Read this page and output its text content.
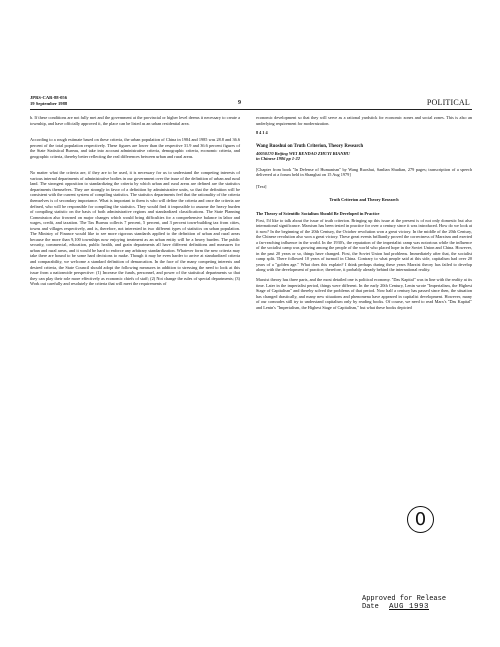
JPRS-CAR-88-056
19 September 1988	9	POLITICAL

b. If these conditions are not fully met and the government at the provincial or higher level deems it necessary to create a township, and have officially approved it, the place can be listed as an urban residential area.

According to a rough estimate based on these criteria, the urban population of China in 1984 and 1985 was 28.8 and 36.6 percent of the total population respectively. These figures are lower than the respective 31.9 and 36.6 percent figures of the State Statistical Bureau, and take into account administrative criteria, demographic criteria, economic criteria, and geographic criteria, thereby better reflecting the real differences between urban and rural areas.

No matter what the criteria are, if they are to be used, it is necessary for us to understand the competing interests of various internal departments of administrative bodies in our government over the issue of the definition of urban and rural land. The strongest opposition to standardizing the criteria by which urban and rural areas are defined are the statistics departments themselves. They are strongly in favor of a definition by administrative units, so that the definition will be consistent with the current system of compiling statistics. The statistics departments feel that the rationality of the criteria themselves is of secondary importance. What is important to them is who will define the criteria and once the criteria are defined, who will be responsible for compiling the statistics. They would find it impossible to assume the heavy burden of compiling statistic on the basis of both administrative regions and standardized classifications. The State Planning Commission also frowned on major changes which would bring difficulties for a comprehensive balance in labor and wages, credit, and taxation. The Tax Bureau collects 7 percent, 5 percent, and 3 percent town-building tax from cities, towns and villages respectively, and is, therefore, not interested in two different types of statistics on urban population. The Ministry of Finance would like to see more rigorous standards applied to the definition of urban and rural areas because the more than 9,100 townships now enjoying treatment as an urban entity will be a heavy burden. The public security, commercial, education, public health, and grain departments all have different definitions and measures for urban and rural areas, and it would be hard to enforce any arbitrary standardization. Whatever form the new criteria may take there are bound to be some hard decisions to make. Though it may be even harder to arrive at standardized criteria and comparability, we welcome a standard definition of demarcation. In the face of the many competing interests and desired criteria, the State Council should adopt the following measures in addition to stressing the need to look at this issue from a nationwide perspective: (1) Increase the funds, personnel, and power of the statistical departments so that they can play their role more effectively as economic chiefs of staff; (2) Not change the rules of special departments; (3) Work out carefully and resolutely the criteria that will meet the requirements of

economic development so that they will serve as a rational yardstick for economic zones and social zones. This is also an underlying requirement for modernization.

8414

Wang Ruoshui on Truth Criterion, Theory Research

40050170 Beijing WEI RENDAO ZHUYI BIANHU
in Chinese 1986 pp 1-22

[Chapter from book "In Defense of Humanism" by Wang Ruoshui, Sanlian Shudian, 279 pages; transcription of a speech delivered at a forum held in Shanghai on 15 Aug 1979]

[Text]

Truth Criterion and Theory Research

The Theory of Scientific Socialism Should Be Developed in Practice

First, I'd like to talk about the issue of truth criterion. Bringing up this issue at the present is of not only domestic but also international significance. Marxism has been tested in practice for over a century since it was introduced. How do we look at it now? In the beginning of the 20th Century, the October revolution won a great victory. In the middle of the 20th Century, the Chinese revolution also won a great victory. These great events brilliantly proved the correctness of Marxism and exerted a far-reaching influence in the world. In the 1930's, the reputation of the imperialist camp was notorious while the influence of the socialist camp was growing among the people of the world who placed hope in the Soviet Union and China. However, in the past 20 years or so, things have changed. First, the Soviet Union had problems. Immediately after that, the socialist camp split. There followed 10 years of turmoil in China. Contrary to what people said at this side, capitalism had over 20 years of a "golden age." What does this explain? I think perhaps during these years Marxist theory has failed to develop along with the development of practice; therefore, it probably already behind the international reality.

Marxist theory has three parts, and the most detailed one is political economy. "Das Kapital" was in line with the reality at its time. Later in the imperialist period, things were different. In the early 20th Century, Lenin wrote "Imperialism, the Highest Stage of Capitalism" and thereby solved the problems of that period. Now half a century has passed since then, the situation has changed drastically, and many new situations and phenomena have appeared in capitalist development. However, many of our comrades still try to understand capitalism only by reading books. Of course, we need to read Marx's "Das Kapital" and Lenin's "Imperialism, the Highest Stage of Capitalism," but what these books depicted

0
Approved for Release
Date AUG 1993
